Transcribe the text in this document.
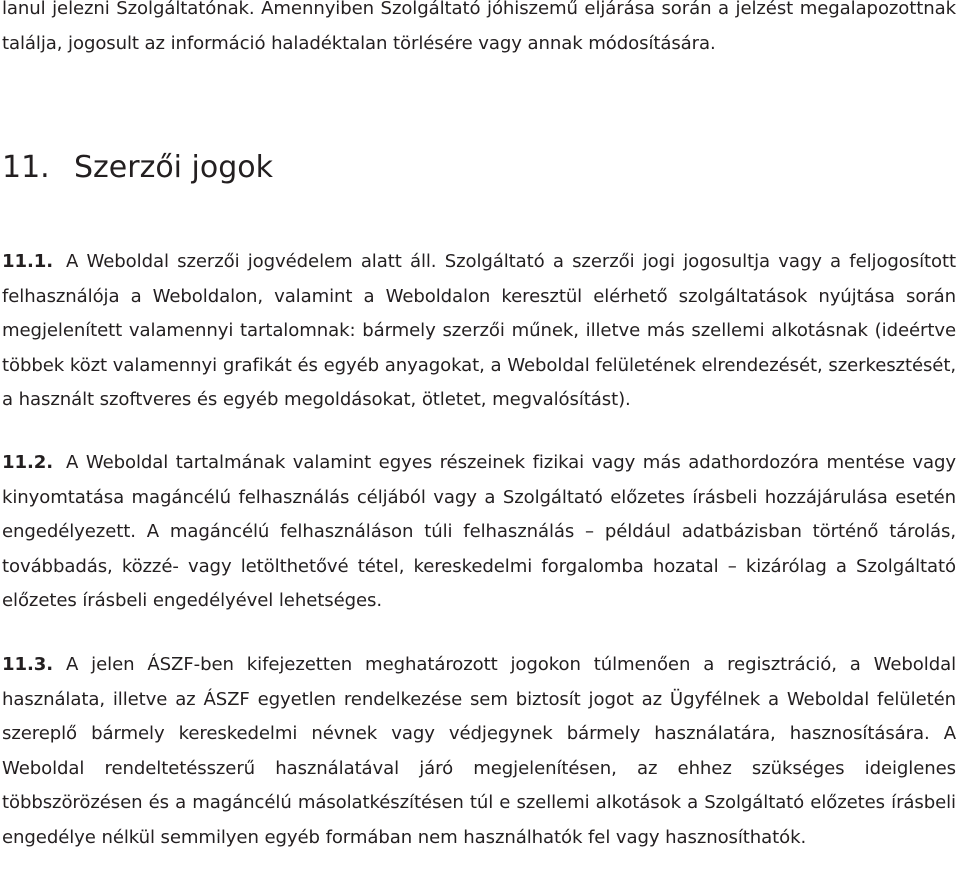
lanul jelezni Szolgáltatónak. Amennyiben Szolgáltató jóhiszemű eljárása során a jelzést megalapozottnak találja, jogosult az információ haladéktalan törlésére vagy annak módosítására.

11. Szerzői jogok

11.1. A Weboldal szerzői jogvédelem alatt áll. Szolgáltató a szerzői jogi jogosultja vagy a feljogosított felhasználója a Weboldalon, valamint a Weboldalon keresztül elérhető szolgáltatások nyújtása során megjelenített valamennyi tartalomnak: bármely szerzői műnek, illetve más szellemi alkotásnak (ideértve többek közt valamennyi grafikát és egyéb anyagokat, a Weboldal felületének elrendezését, szerkesztését, a használt szoftveres és egyéb megoldásokat, ötletet, megvalósítást).

11.2. A Weboldal tartalmának valamint egyes részeinek fizikai vagy más adathordozóra mentése vagy kinyomtatása magáncélú felhasználás céljából vagy a Szolgáltató előzetes írásbeli hozzájárulása esetén engedélyezett. A magáncélú felhasználáson túli felhasználás – például adatbázisban történő tárolás, továbbadás, közzé- vagy letölthetővé tétel, kereskedelmi forgalomba hozatal – kizárólag a Szolgáltató előzetes írásbeli engedélyével lehetséges.

11.3. A jelen ÁSZF-ben kifejezetten meghatározott jogokon túlmenően a regisztráció, a Weboldal használata, illetve az ÁSZF egyetlen rendelkezése sem biztosít jogot az Ügyfélnek a Weboldal felületén szereplő bármely kereskedelmi névnek vagy védjegynek bármely használatára, hasznosítására. A Weboldal rendeltetésszerű használatával járó megjelenítésen, az ehhez szükséges ideiglenes többszörözésen és a magáncélú másolatkészítésen túl e szellemi alkotások a Szolgáltató előzetes írásbeli engedélye nélkül semmilyen egyéb formában nem használhatók fel vagy hasznosíthatók.
